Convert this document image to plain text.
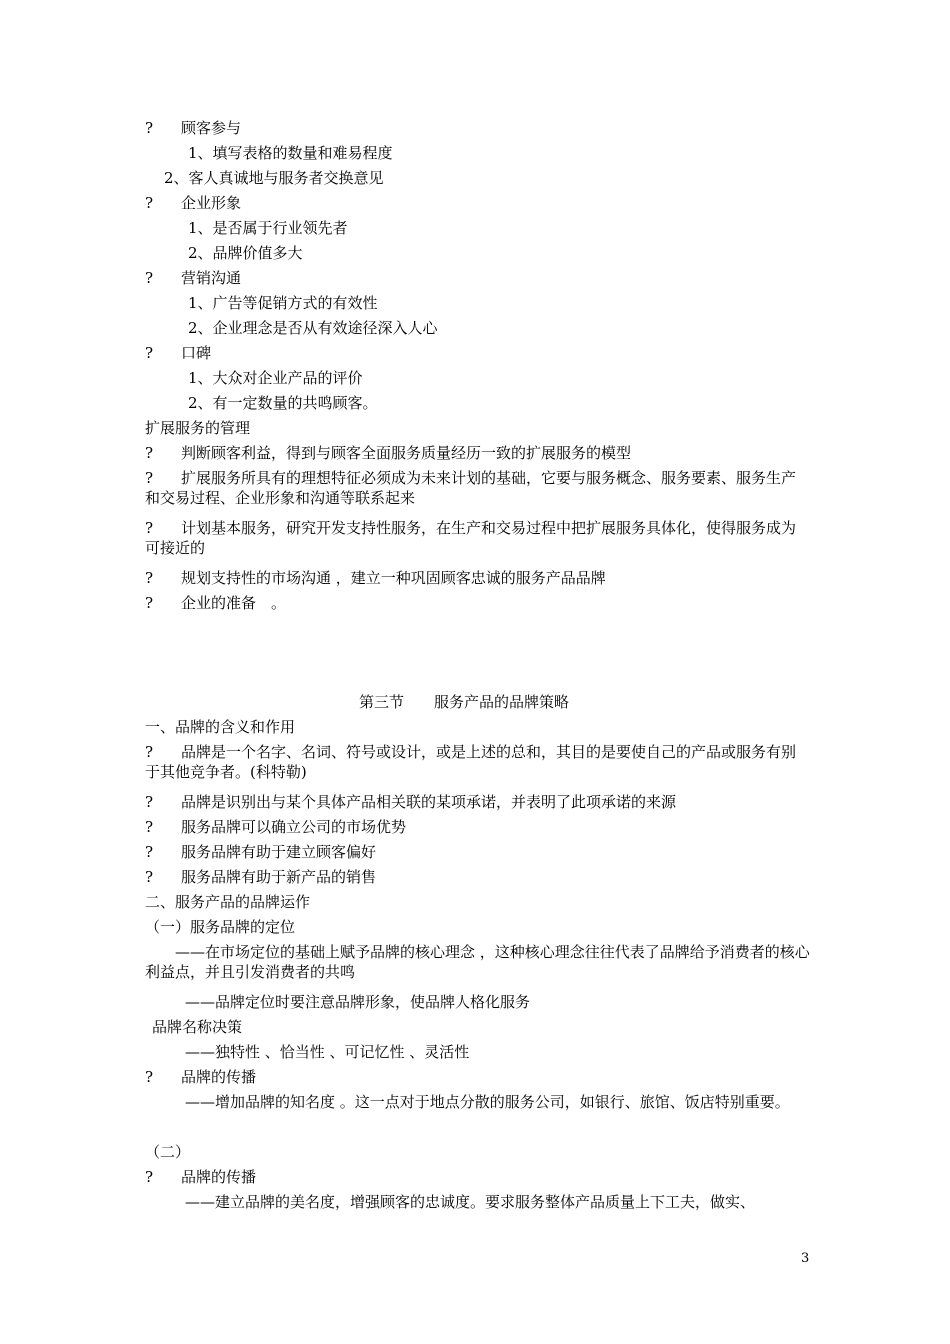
? 顾客参与
1、填写表格的数量和难易程度
2、客人真诚地与服务者交换意见
? 企业形象
1、是否属于行业领先者
2、品牌价值多大
? 营销沟通
1、广告等促销方式的有效性
2、企业理念是否从有效途径深入人心
? 口碑
1、大众对企业产品的评价
2、有一定数量的共鸣顾客。
扩展服务的管理
? 判断顾客利益，得到与顾客全面服务质量经历一致的扩展服务的模型
? 扩展服务所具有的理想特征必须成为未来计划的基础，它要与服务概念、服务要素、服务生产和交易过程、企业形象和沟通等联系起来
? 计划基本服务，研究开发支持性服务，在生产和交易过程中把扩展服务具体化，使得服务成为可接近的
? 规划支持性的市场沟通 ，建立一种巩固顾客忠诚的服务产品品牌
? 企业的准备　。
第三节　　服务产品的品牌策略
一、品牌的含义和作用
? 品牌是一个名字、名词、符号或设计，或是上述的总和，其目的是要使自己的产品或服务有别于其他竞争者。(科特勒)
? 品牌是识别出与某个具体产品相关联的某项承诺，并表明了此项承诺的来源
? 服务品牌可以确立公司的市场优势
? 服务品牌有助于建立顾客偏好
? 服务品牌有助于新产品的销售
二、服务产品的品牌运作
（一）服务品牌的定位
——在市场定位的基础上赋予品牌的核心理念 ，这种核心理念往往代表了品牌给予消费者的核心利益点，并且引发消费者的共鸣
——品牌定位时要注意品牌形象，使品牌人格化服务
品牌名称决策
——独特性 、恰当性 、可记忆性 、灵活性
? 品牌的传播
——增加品牌的知名度 。这一点对于地点分散的服务公司，如银行、旅馆、饭店特别重要。
（二）
? 品牌的传播
——建立品牌的美名度，增强顾客的忠诚度。要求服务整体产品质量上下工夫，做实、
3
